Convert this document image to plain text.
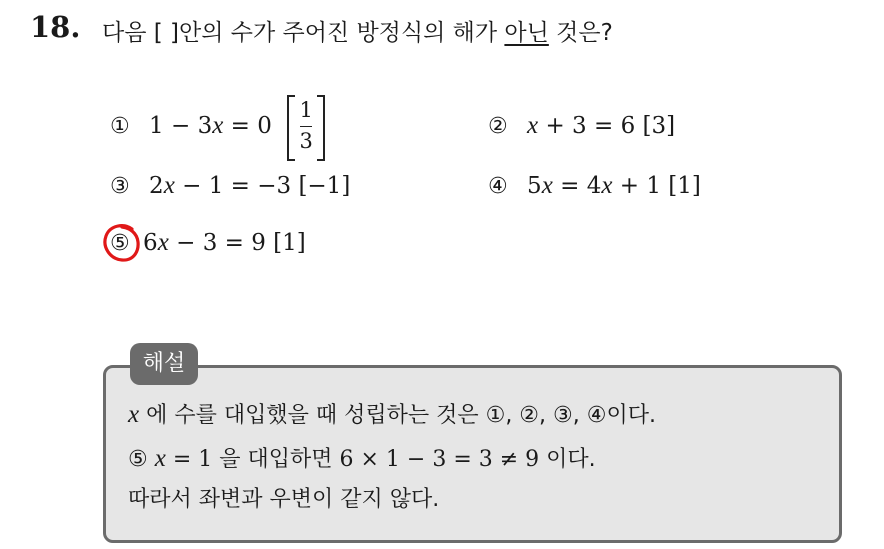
18. 다음 [ ]안의 수가 주어진 방정식의 해가 아닌 것은?
① $1 - 3x = 0 \frac{1}{3}$	② x + 3 = 6 [3]
③ 2x − 1 = −3 [−1]	④ 5x = 4x + 1 [1]
⑤ 6x − 3 = 9 [1]
해설
x 에 수를 대입했을 때 성립하는 것은 ①, ②, ③, ④이다.
⑤ x = 1 을 대입하면 6 × 1 − 3 = 3 ≠ 9 이다.
따라서 좌변과 우변이 같지 않다.
